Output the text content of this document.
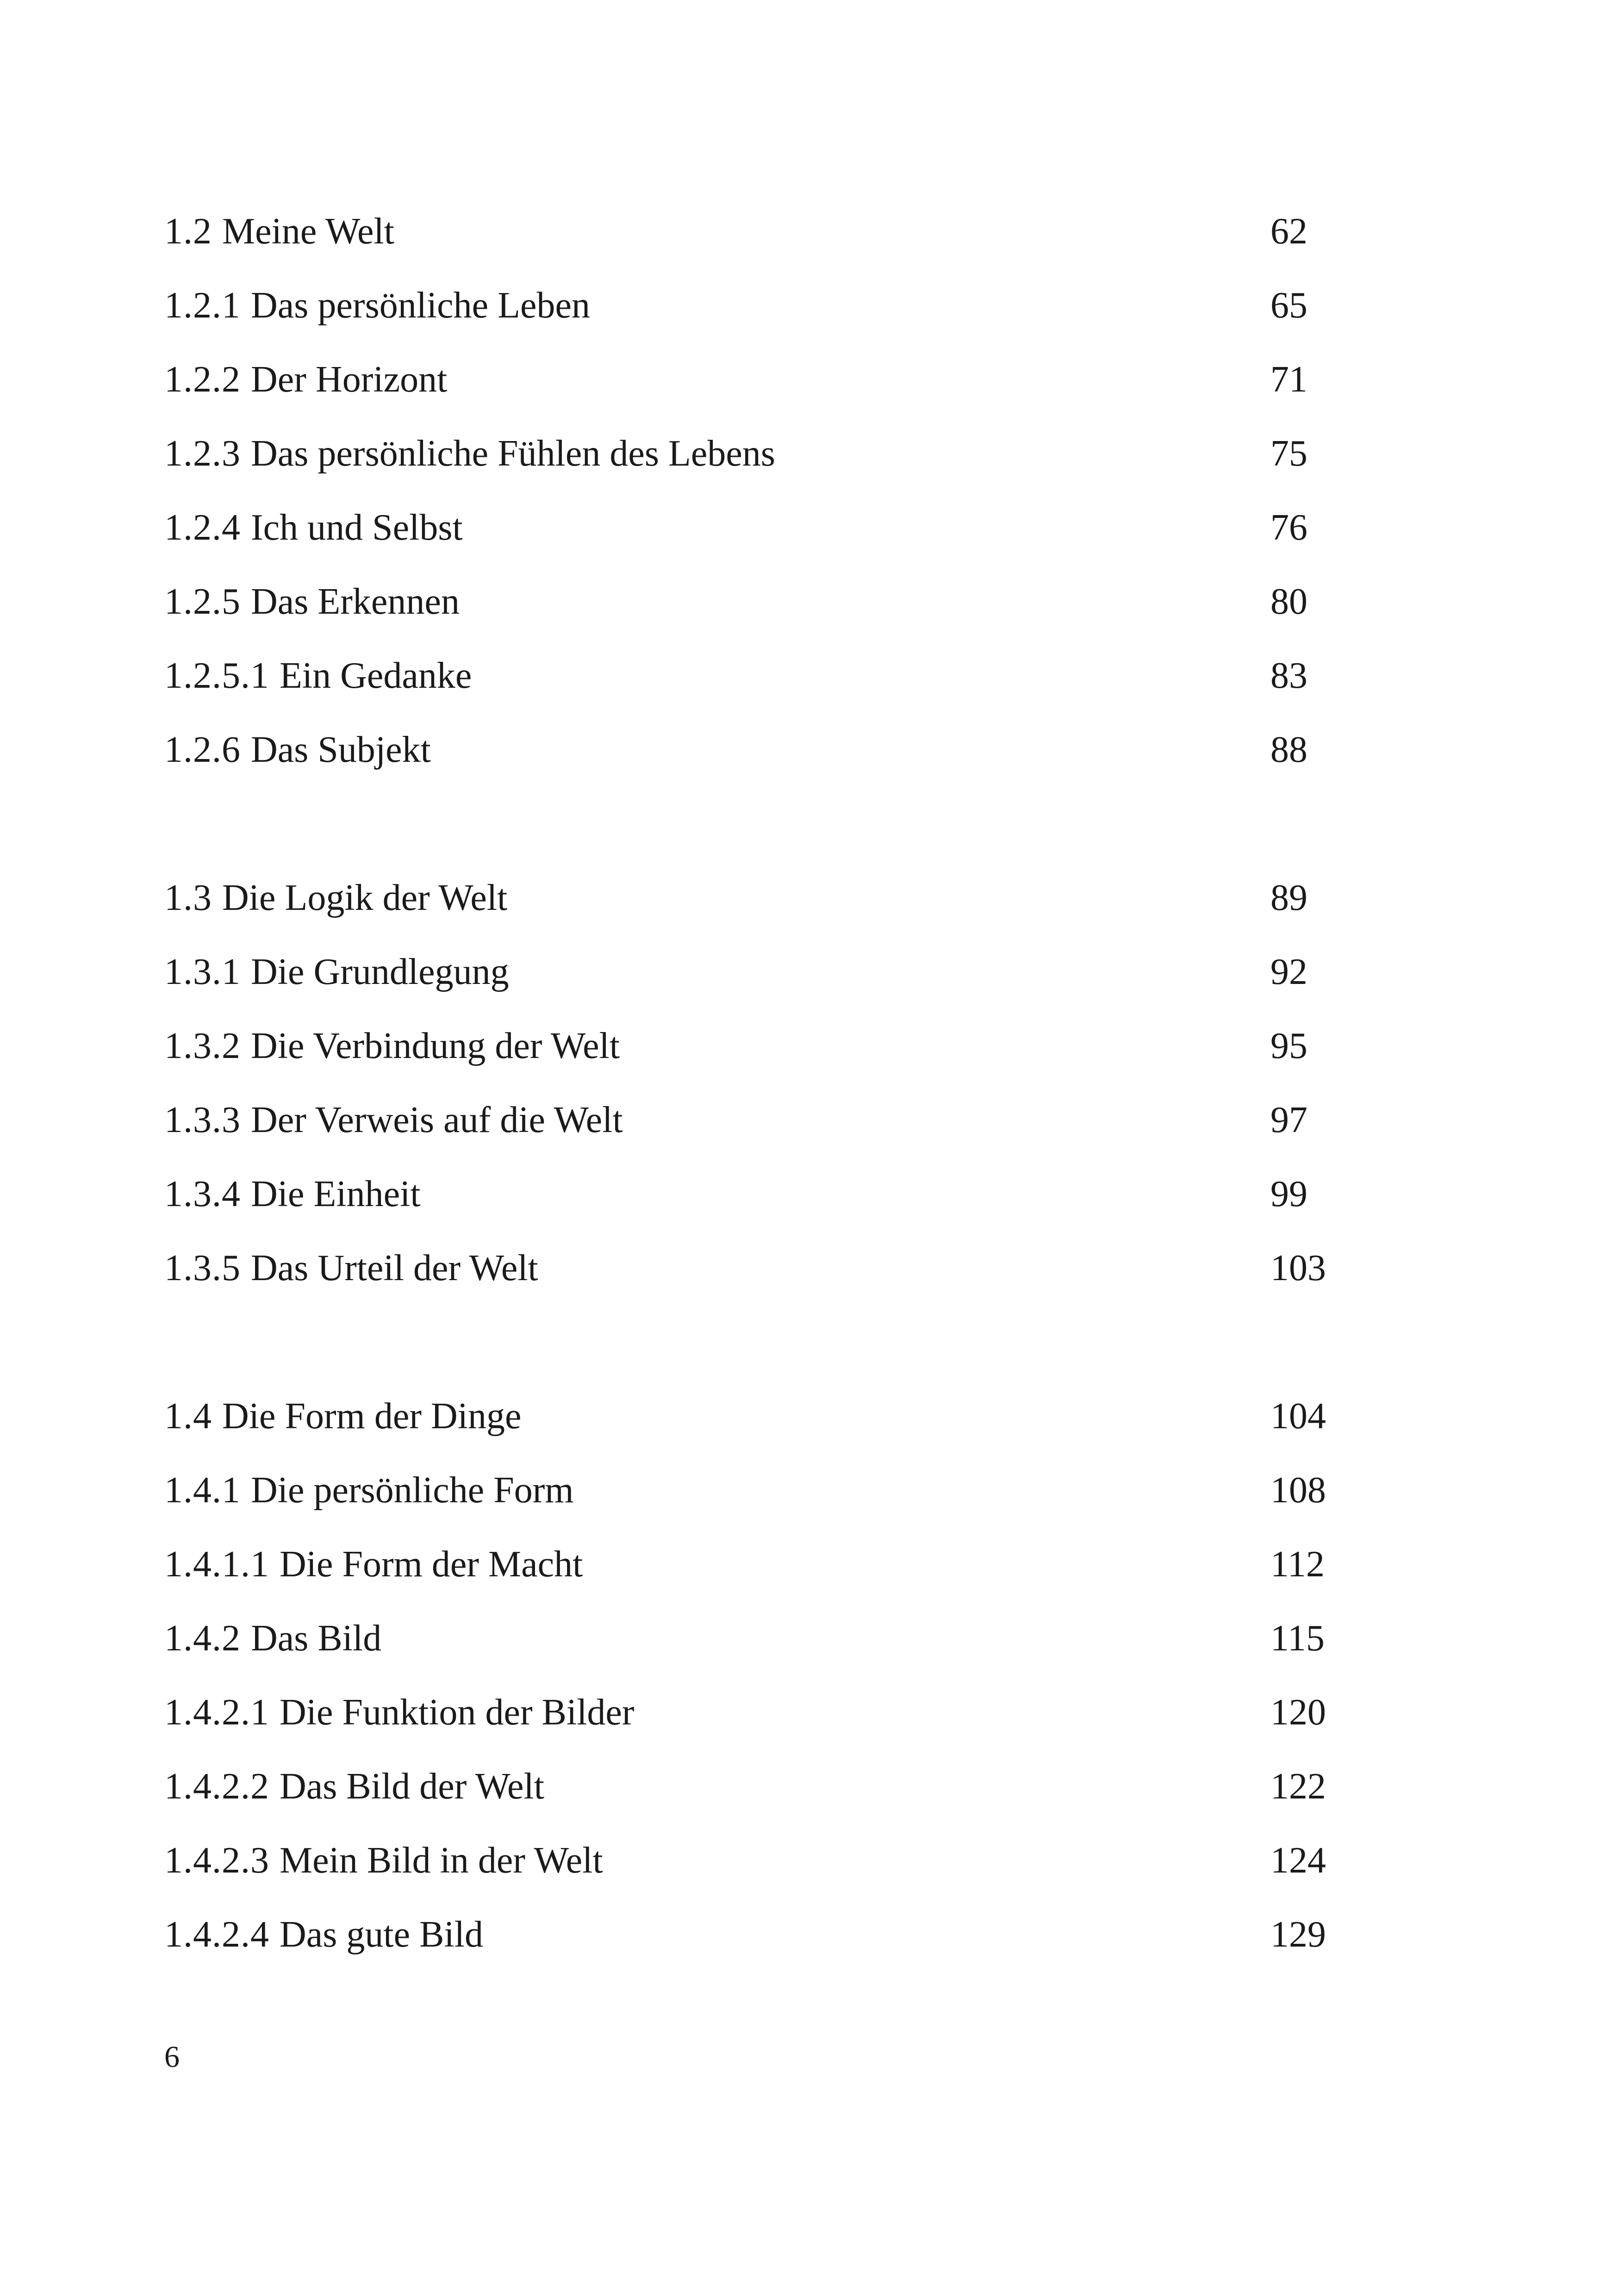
1.2 Meine Welt	62
1.2.1 Das persönliche Leben	65
1.2.2 Der Horizont	71
1.2.3 Das persönliche Fühlen des Lebens	75
1.2.4 Ich und Selbst	76
1.2.5 Das Erkennen	80
1.2.5.1 Ein Gedanke	83
1.2.6 Das Subjekt	88
1.3 Die Logik der Welt	89
1.3.1 Die Grundlegung	92
1.3.2 Die Verbindung der Welt	95
1.3.3 Der Verweis auf die Welt	97
1.3.4 Die Einheit	99
1.3.5 Das Urteil der Welt	103
1.4 Die Form der Dinge	104
1.4.1 Die persönliche Form	108
1.4.1.1 Die Form der Macht	112
1.4.2 Das Bild	115
1.4.2.1 Die Funktion der Bilder	120
1.4.2.2 Das Bild der Welt	122
1.4.2.3 Mein Bild in der Welt	124
1.4.2.4 Das gute Bild	129
6
